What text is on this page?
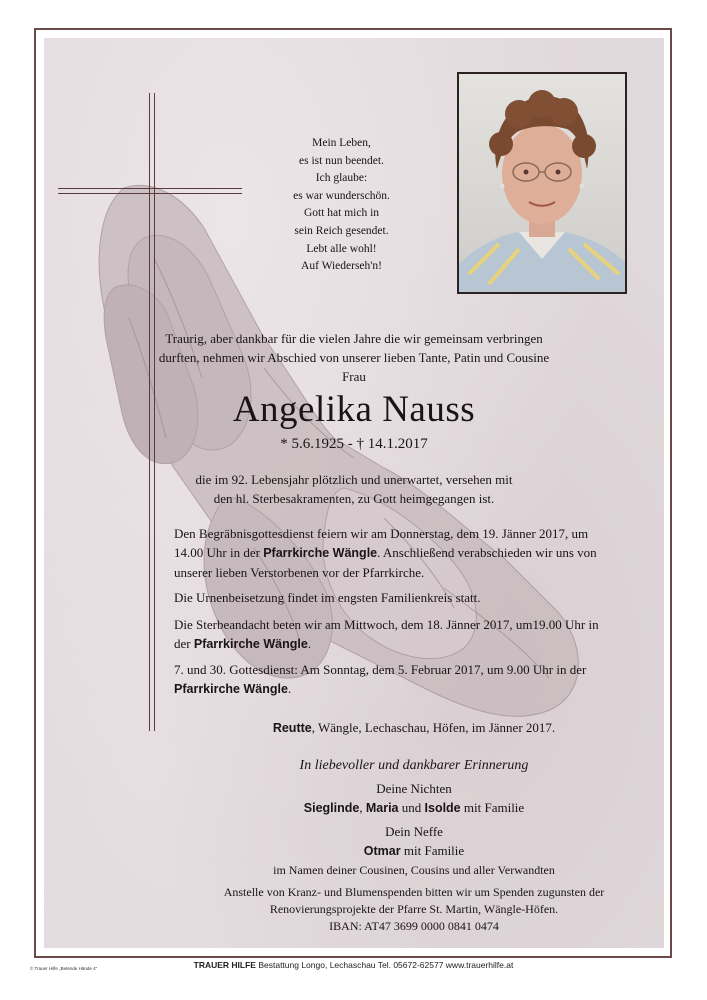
Mein Leben,
es ist nun beendet.
Ich glaube:
es war wunderschön.
Gott hat mich in
sein Reich gesendet.
Lebt alle wohl!
Auf Wiederseh'n!
Traurig, aber dankbar für die vielen Jahre die wir gemeinsam verbringen
durften, nehmen wir Abschied von unserer lieben Tante, Patin und Cousine
Frau
Angelika Nauss
* 5.6.1925 - † 14.1.2017
die im 92. Lebensjahr plötzlich und unerwartet, versehen mit
den hl. Sterbesakramenten, zu Gott heimgegangen ist.
Den Begräbnisgottesdienst feiern wir am Donnerstag, dem 19. Jänner 2017, um
14.00 Uhr in der Pfarrkirche Wängle. Anschließend verabschieden wir uns von
unserer lieben Verstorbenen vor der Pfarrkirche.
Die Urnenbeisetzung findet im engsten Familienkreis statt.
Die Sterbeandacht beten wir am Mittwoch, dem 18. Jänner 2017, um19.00 Uhr in
der Pfarrkirche Wängle.
7. und 30. Gottesdienst: Am Sonntag, dem 5. Februar 2017, um 9.00 Uhr in der
Pfarrkirche Wängle.
Reutte, Wängle, Lechaschau, Höfen, im Jänner 2017.
In liebevoller und dankbarer Erinnerung
Deine Nichten
Sieglinde, Maria und Isolde mit Familie
Dein Neffe
Otmar mit Familie
im Namen deiner Cousinen, Cousins und aller Verwandten
Anstelle von Kranz- und Blumenspenden bitten wir um Spenden zugunsten der
Renovierungsprojekte der Pfarre St. Martin, Wängle-Höfen.
IBAN: AT47 3699 0000 0841 0474
© Trauer Hilfe „Betende Hände 4“	TRAUER HILFE Bestattung Longo, Lechaschau Tel. 05672-62577 www.trauerhilfe.at
